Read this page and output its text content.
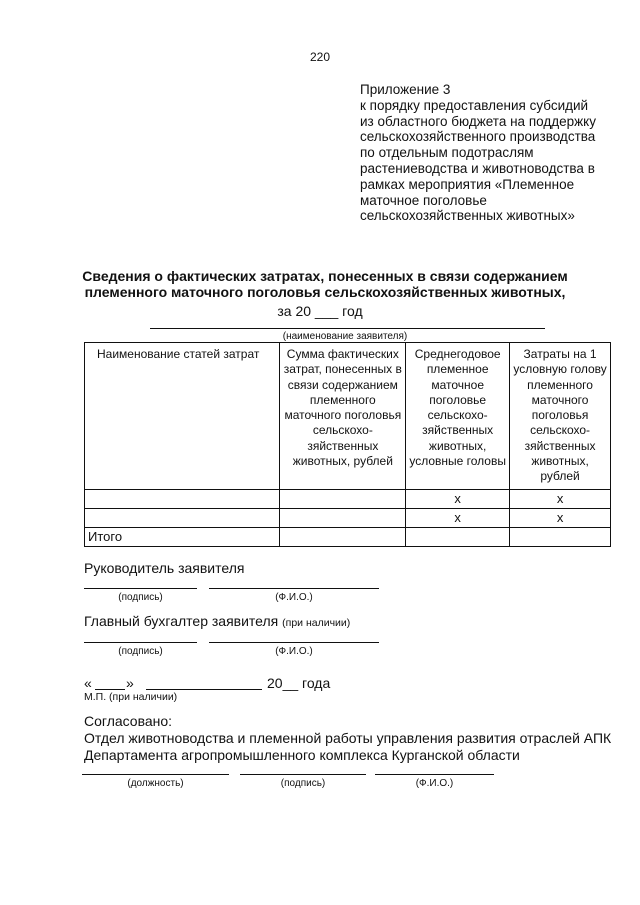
220
Приложение 3
к порядку предоставления субсидий
из областного бюджета на поддержку
сельскохозяйственного производства
по отдельным подотраслям
растениеводства и животноводства в
рамках мероприятия «Племенное
маточное поголовье
сельскохозяйственных животных»
Сведения о фактических затратах, понесенных в связи содержанием
племенного маточного поголовья сельскохозяйственных животных,
за 20 ___ год
(наименование заявителя)
Наименование статей затрат	Сумма фактических затрат, понесенных в связи содержанием племенного маточного поголовья сельскохо-зяйственных животных, рублей	Среднегодовое племенное маточное поголовье сельскохо-зяйственных животных, условные головы	Затраты на 1 условную голову племенного маточного поголовья сельскохо-зяйственных животных, рублей
		x	x
		x	x
Итого			
Руководитель заявителя
(подпись)	(Ф.И.О.)
Главный бухгалтер заявителя (при наличии)
(подпись)	(Ф.И.О.)
« »	20__ года
М.П. (при наличии)
Согласовано:
Отдел животноводства и племенной работы управления развития отраслей АПК
Департамента агропромышленного комплекса Курганской области
(должность)	(подпись)	(Ф.И.О.)
